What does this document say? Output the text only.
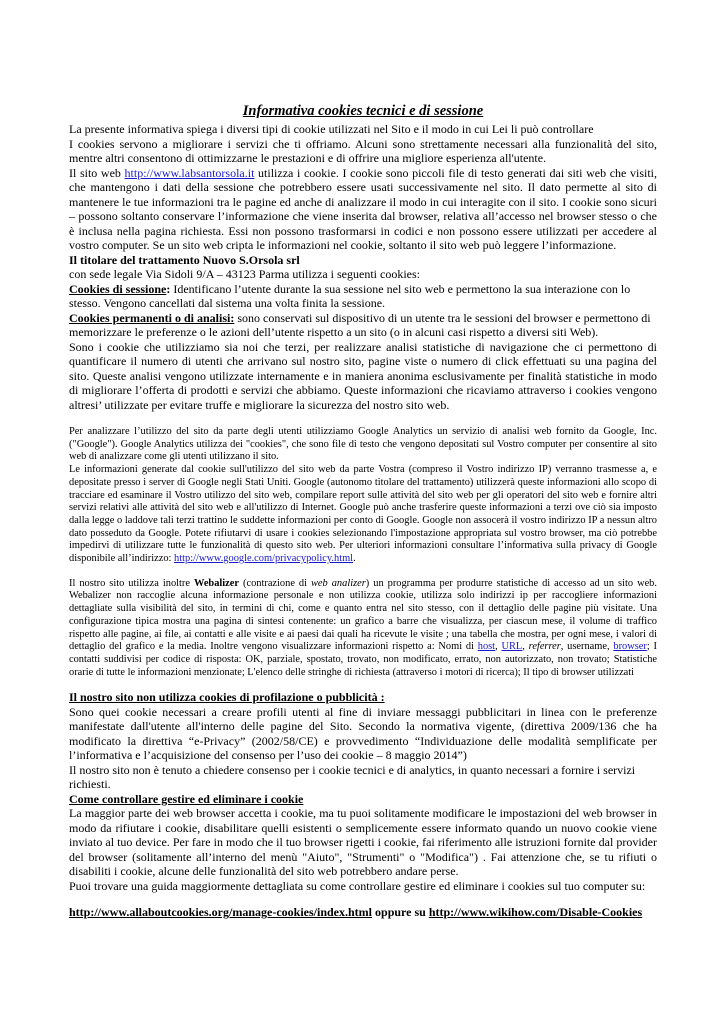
Informativa cookies tecnici e di sessione

La presente informativa spiega i diversi tipi di cookie utilizzati nel Sito e il modo in cui Lei li può controllare

I cookies servono a migliorare i servizi che ti offriamo. Alcuni sono strettamente necessari alla funzionalità del sito, mentre altri consentono di ottimizzarne le prestazioni e di offrire una migliore esperienza all'utente.

Il sito web http://www.labsantorsola.it utilizza i cookie. I cookie sono piccoli file di testo generati dai siti web che visiti, che mantengono i dati della sessione che potrebbero essere usati successivamente nel sito. Il dato permette al sito di mantenere le tue informazioni tra le pagine ed anche di analizzare il modo in cui interagite con il sito. I cookie sono sicuri – possono soltanto conservare l’informazione che viene inserita dal browser, relativa all’accesso nel browser stesso o che è inclusa nella pagina richiesta. Essi non possono trasformarsi in codici e non possono essere utilizzati per accedere al vostro computer. Se un sito web cripta le informazioni nel cookie, soltanto il sito web può leggere l’informazione.

Il titolare del trattamento Nuovo S.Orsola srl

con sede legale Via Sidoli 9/A – 43123 Parma utilizza i seguenti cookies:

Cookies di sessione: Identificano l’utente durante la sua sessione nel sito web e permettono la sua interazione con lo stesso. Vengono cancellati dal sistema una volta finita la sessione.

Cookies permanenti o di analisi: sono conservati sul dispositivo di un utente tra le sessioni del browser e permettono di memorizzare le preferenze o le azioni dell’utente rispetto a un sito (o in alcuni casi rispetto a diversi siti Web).

Sono i cookie che utilizziamo sia noi che terzi, per realizzare analisi statistiche di navigazione che ci permettono di quantificare il numero di utenti che arrivano sul nostro sito, pagine viste o numero di click effettuati su una pagina del sito. Queste analisi vengono utilizzate internamente e in maniera anonima esclusivamente per finalità statistiche in modo di migliorare l’offerta di prodotti e servizi che abbiamo. Queste informazioni che ricaviamo attraverso i cookies vengono altresi’ utilizzate per evitare truffe e migliorare la sicurezza del nostro sito web.

Per analizzare l’utilizzo del sito da parte degli utenti utilizziamo Google Analytics un servizio di analisi web fornito da Google, Inc. ("Google"). Google Analytics utilizza dei "cookies", che sono file di testo che vengono depositati sul Vostro computer per consentire al sito web di analizzare come gli utenti utilizzano il sito.

Le informazioni generate dal cookie sull'utilizzo del sito web da parte Vostra (compreso il Vostro indirizzo IP) verranno trasmesse a, e depositate presso i server di Google negli Stati Uniti. Google (autonomo titolare del trattamento) utilizzerà queste informazioni allo scopo di tracciare ed esaminare il Vostro utilizzo del sito web, compilare report sulle attività del sito web per gli operatori del sito web e fornire altri servizi relativi alle attività del sito web e all'utilizzo di Internet. Google può anche trasferire queste informazioni a terzi ove ciò sia imposto dalla legge o laddove tali terzi trattino le suddette informazioni per conto di Google. Google non assocerà il vostro indirizzo IP a nessun altro dato posseduto da Google. Potete rifiutarvi di usare i cookies selezionando l'impostazione appropriata sul vostro browser, ma ciò potrebbe impedirvi di utilizzare tutte le funzionalità di questo sito web. Per ulteriori informazioni consultare l’informativa sulla privacy di Google disponibile all’indirizzo: http://www.google.com/privacypolicy.html.

Il nostro sito utilizza inoltre Webalizer (contrazione di web analizer) un programma per produrre statistiche di accesso ad un sito web. Webalizer non raccoglie alcuna informazione personale e non utilizza cookie, utilizza solo indirizzi ip per raccogliere informazioni dettagliate sulla visibilità del sito, in termini di chi, come e quanto entra nel sito stesso, con il dettaglio delle pagine più visitate. Una configurazione tipica mostra una pagina di sintesi contenente: un grafico a barre che visualizza, per ciascun mese, il volume di traffico rispetto alle pagine, ai file, ai contatti e alle visite e ai paesi dai quali ha ricevute le visite ; una tabella che mostra, per ogni mese, i valori di dettaglio del grafico e la media. Inoltre vengono visualizzare informazioni rispetto a: Nomi di host, URL, referrer, username, browser; I contatti suddivisi per codice di risposta: OK, parziale, spostato, trovato, non modificato, errato, non autorizzato, non trovato; Statistiche orarie di tutte le informazioni menzionate; L'elenco delle stringhe di richiesta (attraverso i motori di ricerca); Il tipo di browser utilizzati

Il nostro sito non utilizza cookies di profilazione o pubblicità :

Sono quei cookie necessari a creare profili utenti al fine di inviare messaggi pubblicitari in linea con le preferenze manifestate dall'utente all'interno delle pagine del Sito. Secondo la normativa vigente, (direttiva 2009/136 che ha modificato la direttiva “e-Privacy” (2002/58/CE) e provvedimento “Individuazione delle modalità semplificate per l’informativa e l’acquisizione del consenso per l’uso dei cookie – 8 maggio 2014”)

Il nostro sito non è tenuto a chiedere consenso per i cookie tecnici e di analytics, in quanto necessari a fornire i servizi richiesti.

Come controllare gestire ed eliminare i cookie

La maggior parte dei web browser accetta i cookie, ma tu puoi solitamente modificare le impostazioni del web browser in modo da rifiutare i cookie, disabilitare quelli esistenti o semplicemente essere informato quando un nuovo cookie viene inviato al tuo device. Per fare in modo che il tuo browser rigetti i cookie, fai riferimento alle istruzioni fornite dal provider del browser (solitamente all’interno del menù "Aiuto", "Strumenti" o "Modifica") . Fai attenzione che, se tu rifiuti o disabiliti i cookie, alcune delle funzionalità del sito web potrebbero andare perse.

Puoi trovare una guida maggiormente dettagliata su come controllare gestire ed eliminare i cookies sul tuo computer su:

http://www.allaboutcookies.org/manage-cookies/index.html oppure su http://www.wikihow.com/Disable-Cookies
